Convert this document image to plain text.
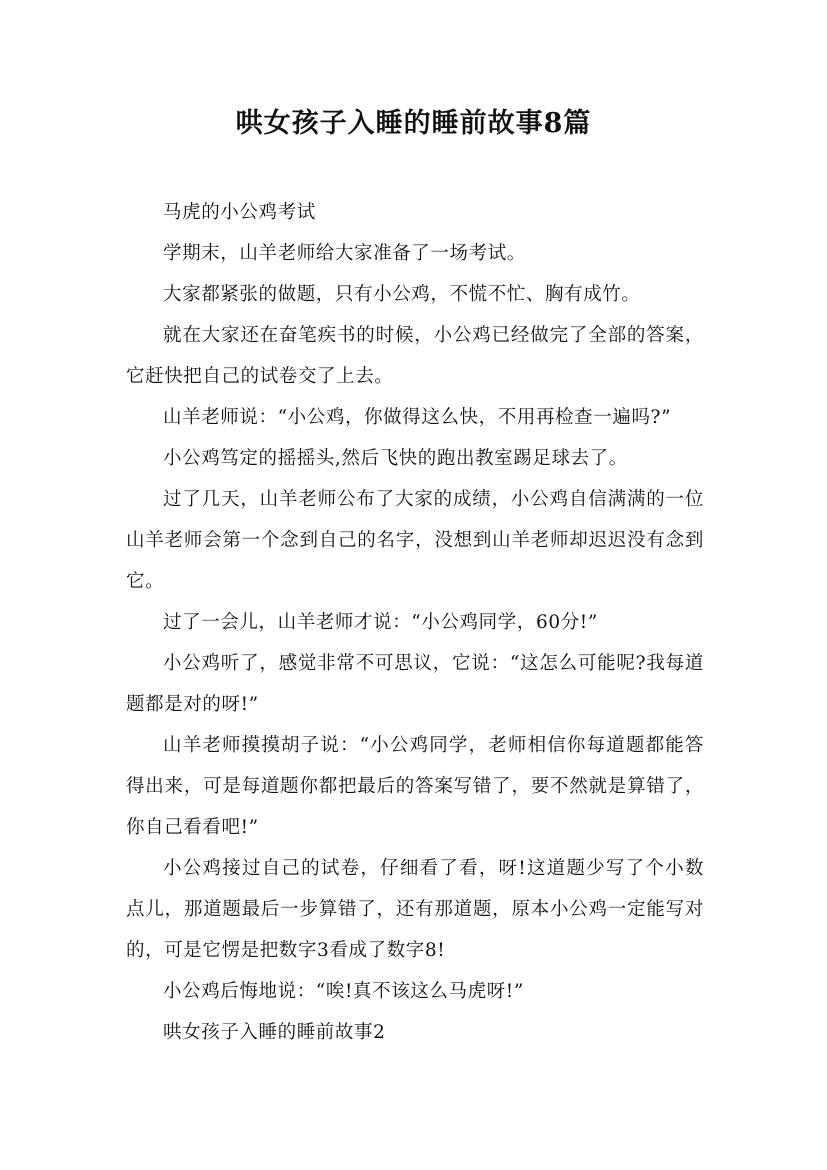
哄女孩子入睡的睡前故事8篇

马虎的小公鸡考试

学期末，山羊老师给大家准备了一场考试。

大家都紧张的做题，只有小公鸡，不慌不忙、胸有成竹。

就在大家还在奋笔疾书的时候，小公鸡已经做完了全部的答案，它赶快把自己的试卷交了上去。

山羊老师说：“小公鸡，你做得这么快，不用再检查一遍吗?”

小公鸡笃定的摇摇头,然后飞快的跑出教室踢足球去了。

过了几天，山羊老师公布了大家的成绩，小公鸡自信满满的一位山羊老师会第一个念到自己的名字，没想到山羊老师却迟迟没有念到它。

过了一会儿，山羊老师才说：“小公鸡同学，60分!”

小公鸡听了，感觉非常不可思议，它说：“这怎么可能呢?我每道题都是对的呀!”

山羊老师摸摸胡子说：“小公鸡同学，老师相信你每道题都能答得出来，可是每道题你都把最后的答案写错了，要不然就是算错了，你自己看看吧!”

小公鸡接过自己的试卷，仔细看了看，呀!这道题少写了个小数点儿，那道题最后一步算错了，还有那道题，原本小公鸡一定能写对的，可是它愣是把数字3看成了数字8!

小公鸡后悔地说：“唉!真不该这么马虎呀!”

哄女孩子入睡的睡前故事2
